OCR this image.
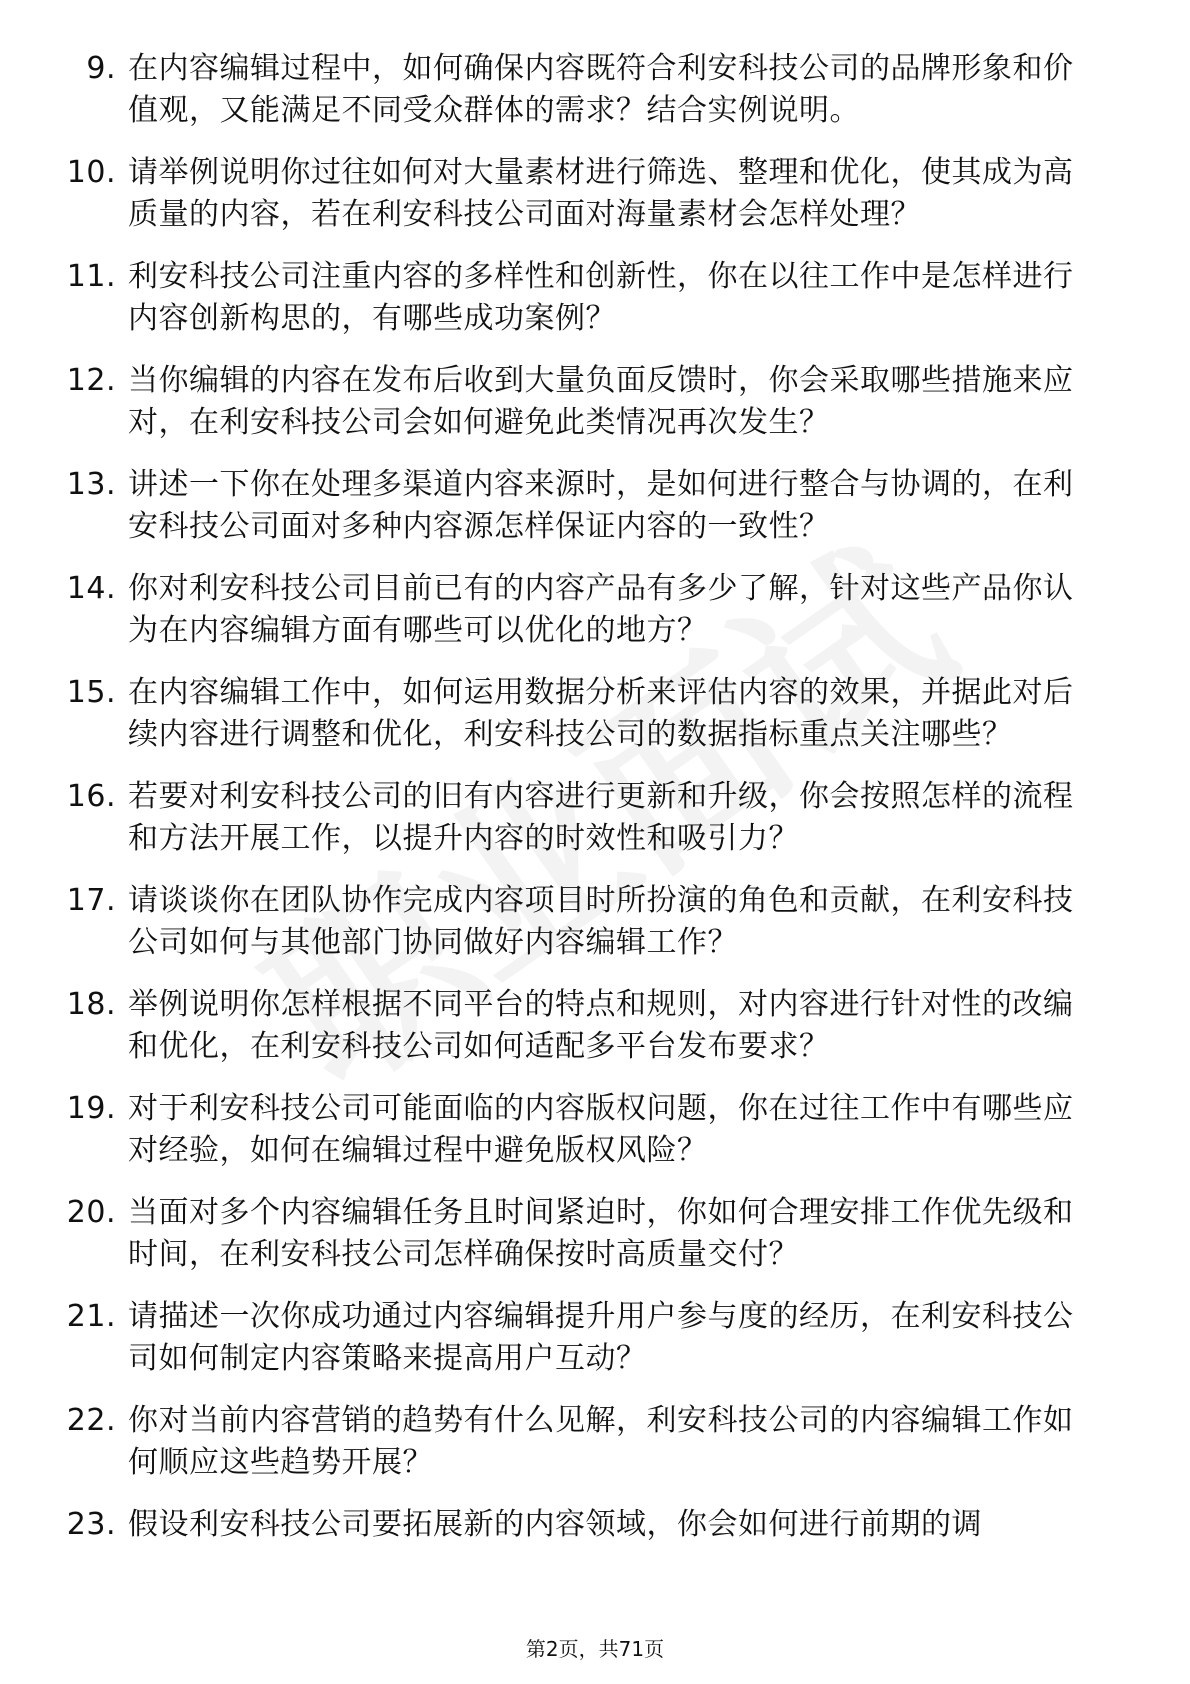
9. 在内容编辑过程中，如何确保内容既符合利安科技公司的品牌形象和价值观，又能满足不同受众群体的需求？结合实例说明。
10. 请举例说明你过往如何对大量素材进行筛选、整理和优化，使其成为高质量的内容，若在利安科技公司面对海量素材会怎样处理？
11. 利安科技公司注重内容的多样性和创新性，你在以往工作中是怎样进行内容创新构思的，有哪些成功案例？
12. 当你编辑的内容在发布后收到大量负面反馈时，你会采取哪些措施来应对，在利安科技公司会如何避免此类情况再次发生？
13. 讲述一下你在处理多渠道内容来源时，是如何进行整合与协调的，在利安科技公司面对多种内容源怎样保证内容的一致性？
14. 你对利安科技公司目前已有的内容产品有多少了解，针对这些产品你认为在内容编辑方面有哪些可以优化的地方？
15. 在内容编辑工作中，如何运用数据分析来评估内容的效果，并据此对后续内容进行调整和优化，利安科技公司的数据指标重点关注哪些？
16. 若要对利安科技公司的旧有内容进行更新和升级，你会按照怎样的流程和方法开展工作，以提升内容的时效性和吸引力？
17. 请谈谈你在团队协作完成内容项目时所扮演的角色和贡献，在利安科技公司如何与其他部门协同做好内容编辑工作？
18. 举例说明你怎样根据不同平台的特点和规则，对内容进行针对性的改编和优化，在利安科技公司如何适配多平台发布要求？
19. 对于利安科技公司可能面临的内容版权问题，你在过往工作中有哪些应对经验，如何在编辑过程中避免版权风险？
20. 当面对多个内容编辑任务且时间紧迫时，你如何合理安排工作优先级和时间，在利安科技公司怎样确保按时高质量交付？
21. 请描述一次你成功通过内容编辑提升用户参与度的经历，在利安科技公司如何制定内容策略来提高用户互动？
22. 你对当前内容营销的趋势有什么见解，利安科技公司的内容编辑工作如何顺应这些趋势开展？
23. 假设利安科技公司要拓展新的内容领域，你会如何进行前期的调
第2页，共71页
